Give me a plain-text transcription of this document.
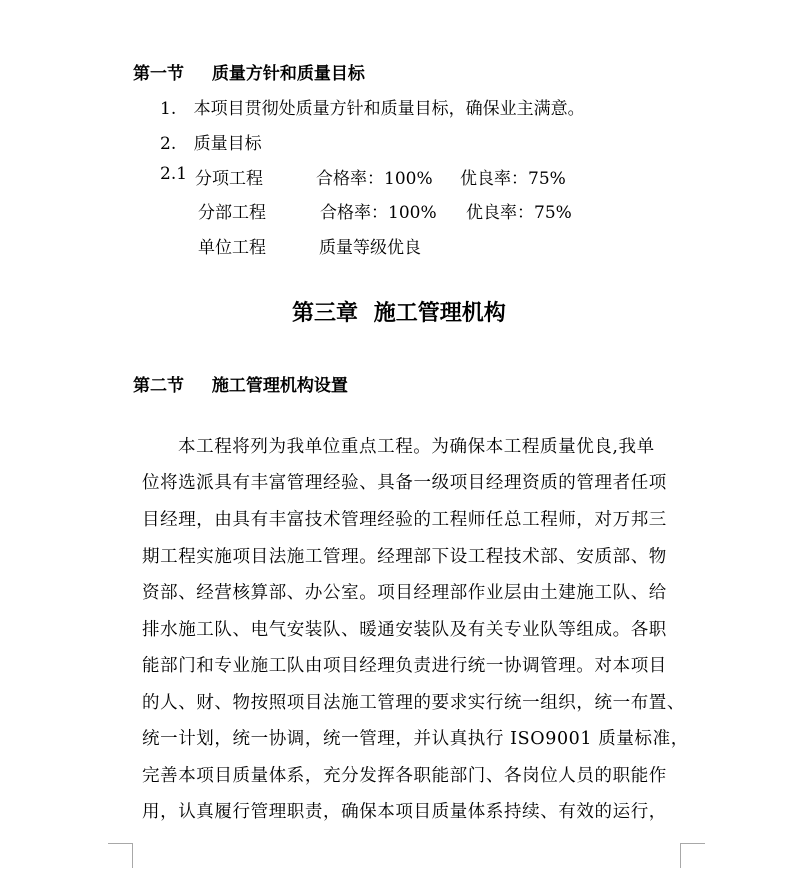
第一节 质量方针和质量目标
1. 本项目贯彻处质量方针和质量目标，确保业主满意。
2. 质量目标
2.1 分项工程	合格率：100% 优良率：75%
分部工程	合格率：100% 优良率：75%
单位工程	质量等级优良
第三章 施工管理机构
第二节 施工管理机构设置
本工程将列为我单位重点工程。为确保本工程质量优良,我单
位将选派具有丰富管理经验、具备一级项目经理资质的管理者任项
目经理，由具有丰富技术管理经验的工程师任总工程师，对万邦三
期工程实施项目法施工管理。经理部下设工程技术部、安质部、物
资部、经营核算部、办公室。项目经理部作业层由土建施工队、给
排水施工队、电气安装队、暖通安装队及有关专业队等组成。各职
能部门和专业施工队由项目经理负责进行统一协调管理。对本项目
的人、财、物按照项目法施工管理的要求实行统一组织，统一布置、
统一计划，统一协调，统一管理，并认真执行 ISO9001 质量标准，
完善本项目质量体系，充分发挥各职能部门、各岗位人员的职能作
用，认真履行管理职责，确保本项目质量体系持续、有效的运行，
